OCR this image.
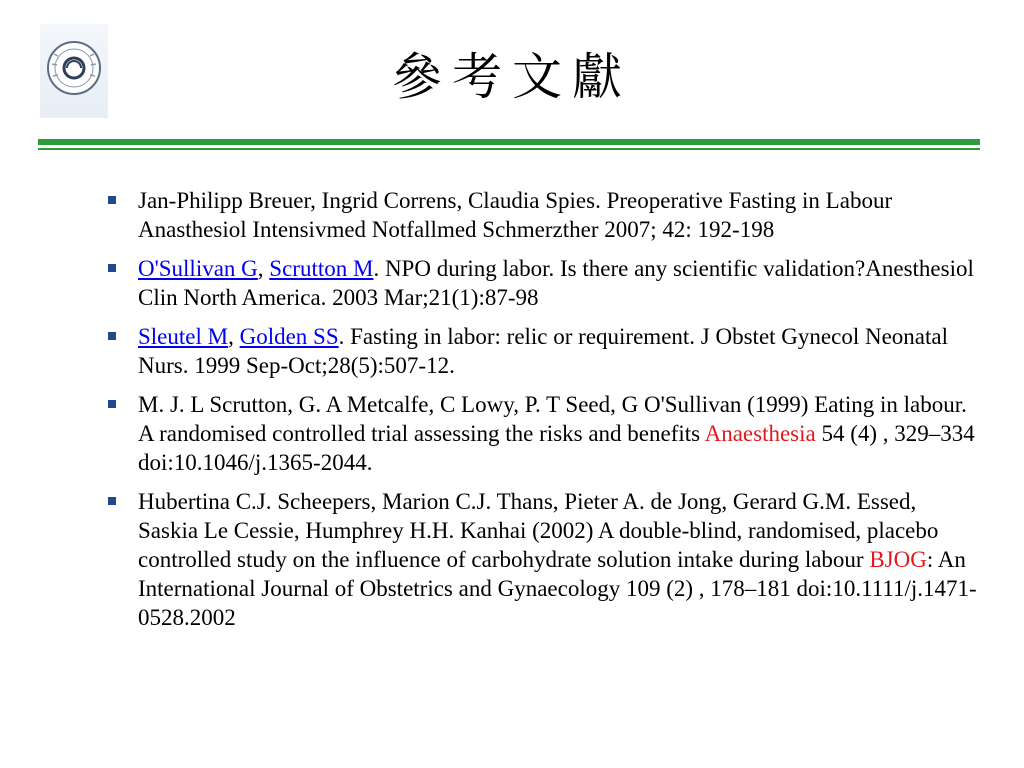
參考文獻
Jan-Philipp Breuer, Ingrid Correns, Claudia Spies. Preoperative Fasting in Labour Anasthesiol Intensivmed Notfallmed Schmerzther 2007; 42: 192-198
O'Sullivan G, Scrutton M. NPO during labor. Is there any scientific validation?Anesthesiol Clin North America. 2003 Mar;21(1):87-98
Sleutel M, Golden SS. Fasting in labor: relic or requirement. J Obstet Gynecol Neonatal Nurs. 1999 Sep-Oct;28(5):507-12.
M. J. L Scrutton, G. A Metcalfe, C Lowy, P. T Seed, G O'Sullivan (1999) Eating in labour. A randomised controlled trial assessing the risks and benefits Anaesthesia 54 (4) , 329–334 doi:10.1046/j.1365-2044.
Hubertina C.J. Scheepers, Marion C.J. Thans, Pieter A. de Jong, Gerard G.M. Essed, Saskia Le Cessie, Humphrey H.H. Kanhai (2002) A double-blind, randomised, placebo controlled study on the influence of carbohydrate solution intake during labour BJOG: An International Journal of Obstetrics and Gynaecology 109 (2) , 178–181 doi:10.1111/j.1471-0528.2002
